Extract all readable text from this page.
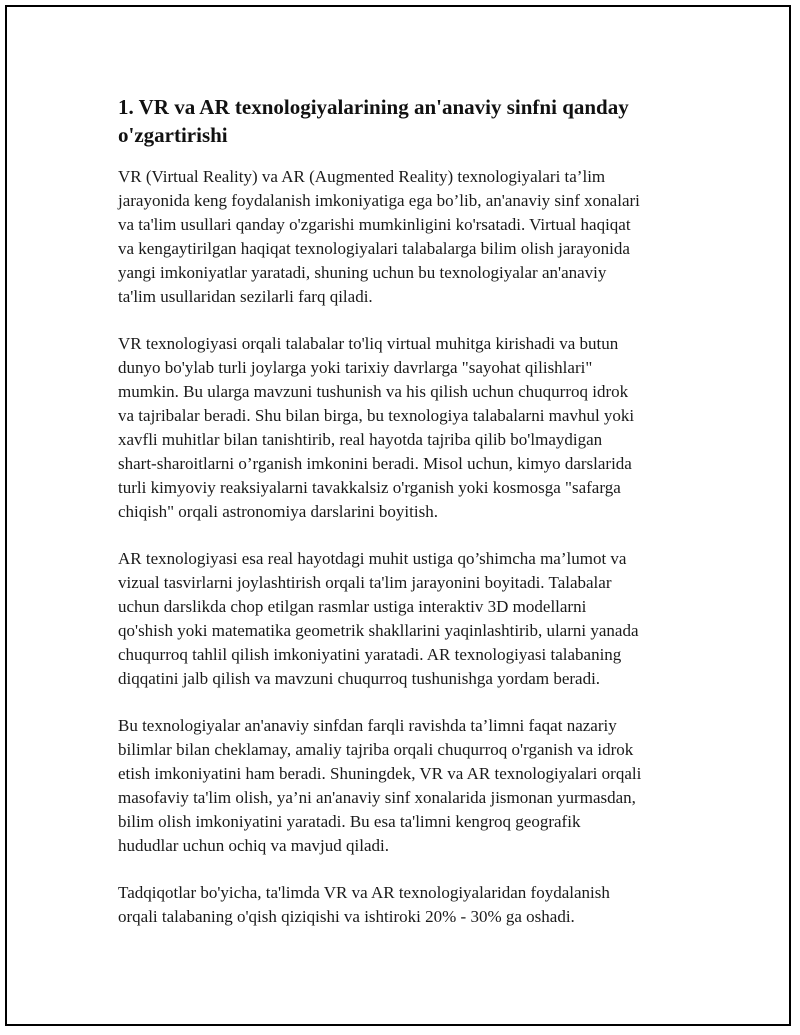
1. VR va AR texnologiyalarining an'anaviy sinfni qanday
o'zgartirishi

VR (Virtual Reality) va AR (Augmented Reality) texnologiyalari ta’lim
jarayonida keng foydalanish imkoniyatiga ega bo’lib, an'anaviy sinf xonalari
va ta'lim usullari qanday o'zgarishi mumkinligini ko'rsatadi. Virtual haqiqat
va kengaytirilgan haqiqat texnologiyalari talabalarga bilim olish jarayonida
yangi imkoniyatlar yaratadi, shuning uchun bu texnologiyalar an'anaviy
ta'lim usullaridan sezilarli farq qiladi.

VR texnologiyasi orqali talabalar to'liq virtual muhitga kirishadi va butun
dunyo bo'ylab turli joylarga yoki tarixiy davrlarga "sayohat qilishlari"
mumkin. Bu ularga mavzuni tushunish va his qilish uchun chuqurroq idrok
va tajribalar beradi. Shu bilan birga, bu texnologiya talabalarni mavhul yoki
xavfli muhitlar bilan tanishtirib, real hayotda tajriba qilib bo'lmaydigan
shart-sharoitlarni o’rganish imkonini beradi. Misol uchun, kimyo darslarida
turli kimyoviy reaksiyalarni tavakkalsiz o'rganish yoki kosmosga "safarga
chiqish" orqali astronomiya darslarini boyitish.

AR texnologiyasi esa real hayotdagi muhit ustiga qo’shimcha ma’lumot va
vizual tasvirlarni joylashtirish orqali ta'lim jarayonini boyitadi. Talabalar
uchun darslikda chop etilgan rasmlar ustiga interaktiv 3D modellarni
qo'shish yoki matematika geometrik shakllarini yaqinlashtirib, ularni yanada
chuqurroq tahlil qilish imkoniyatini yaratadi. AR texnologiyasi talabaning
diqqatini jalb qilish va mavzuni chuqurroq tushunishga yordam beradi.

Bu texnologiyalar an'anaviy sinfdan farqli ravishda ta’limni faqat nazariy
bilimlar bilan cheklamay, amaliy tajriba orqali chuqurroq o'rganish va idrok
etish imkoniyatini ham beradi. Shuningdek, VR va AR texnologiyalari orqali
masofaviy ta'lim olish, ya’ni an'anaviy sinf xonalarida jismonan yurmasdan,
bilim olish imkoniyatini yaratadi. Bu esa ta'limni kengroq geografik
hududlar uchun ochiq va mavjud qiladi.

Tadqiqotlar bo'yicha, ta'limda VR va AR texnologiyalaridan foydalanish
orqali talabaning o'qish qiziqishi va ishtiroki 20% - 30% ga oshadi.
